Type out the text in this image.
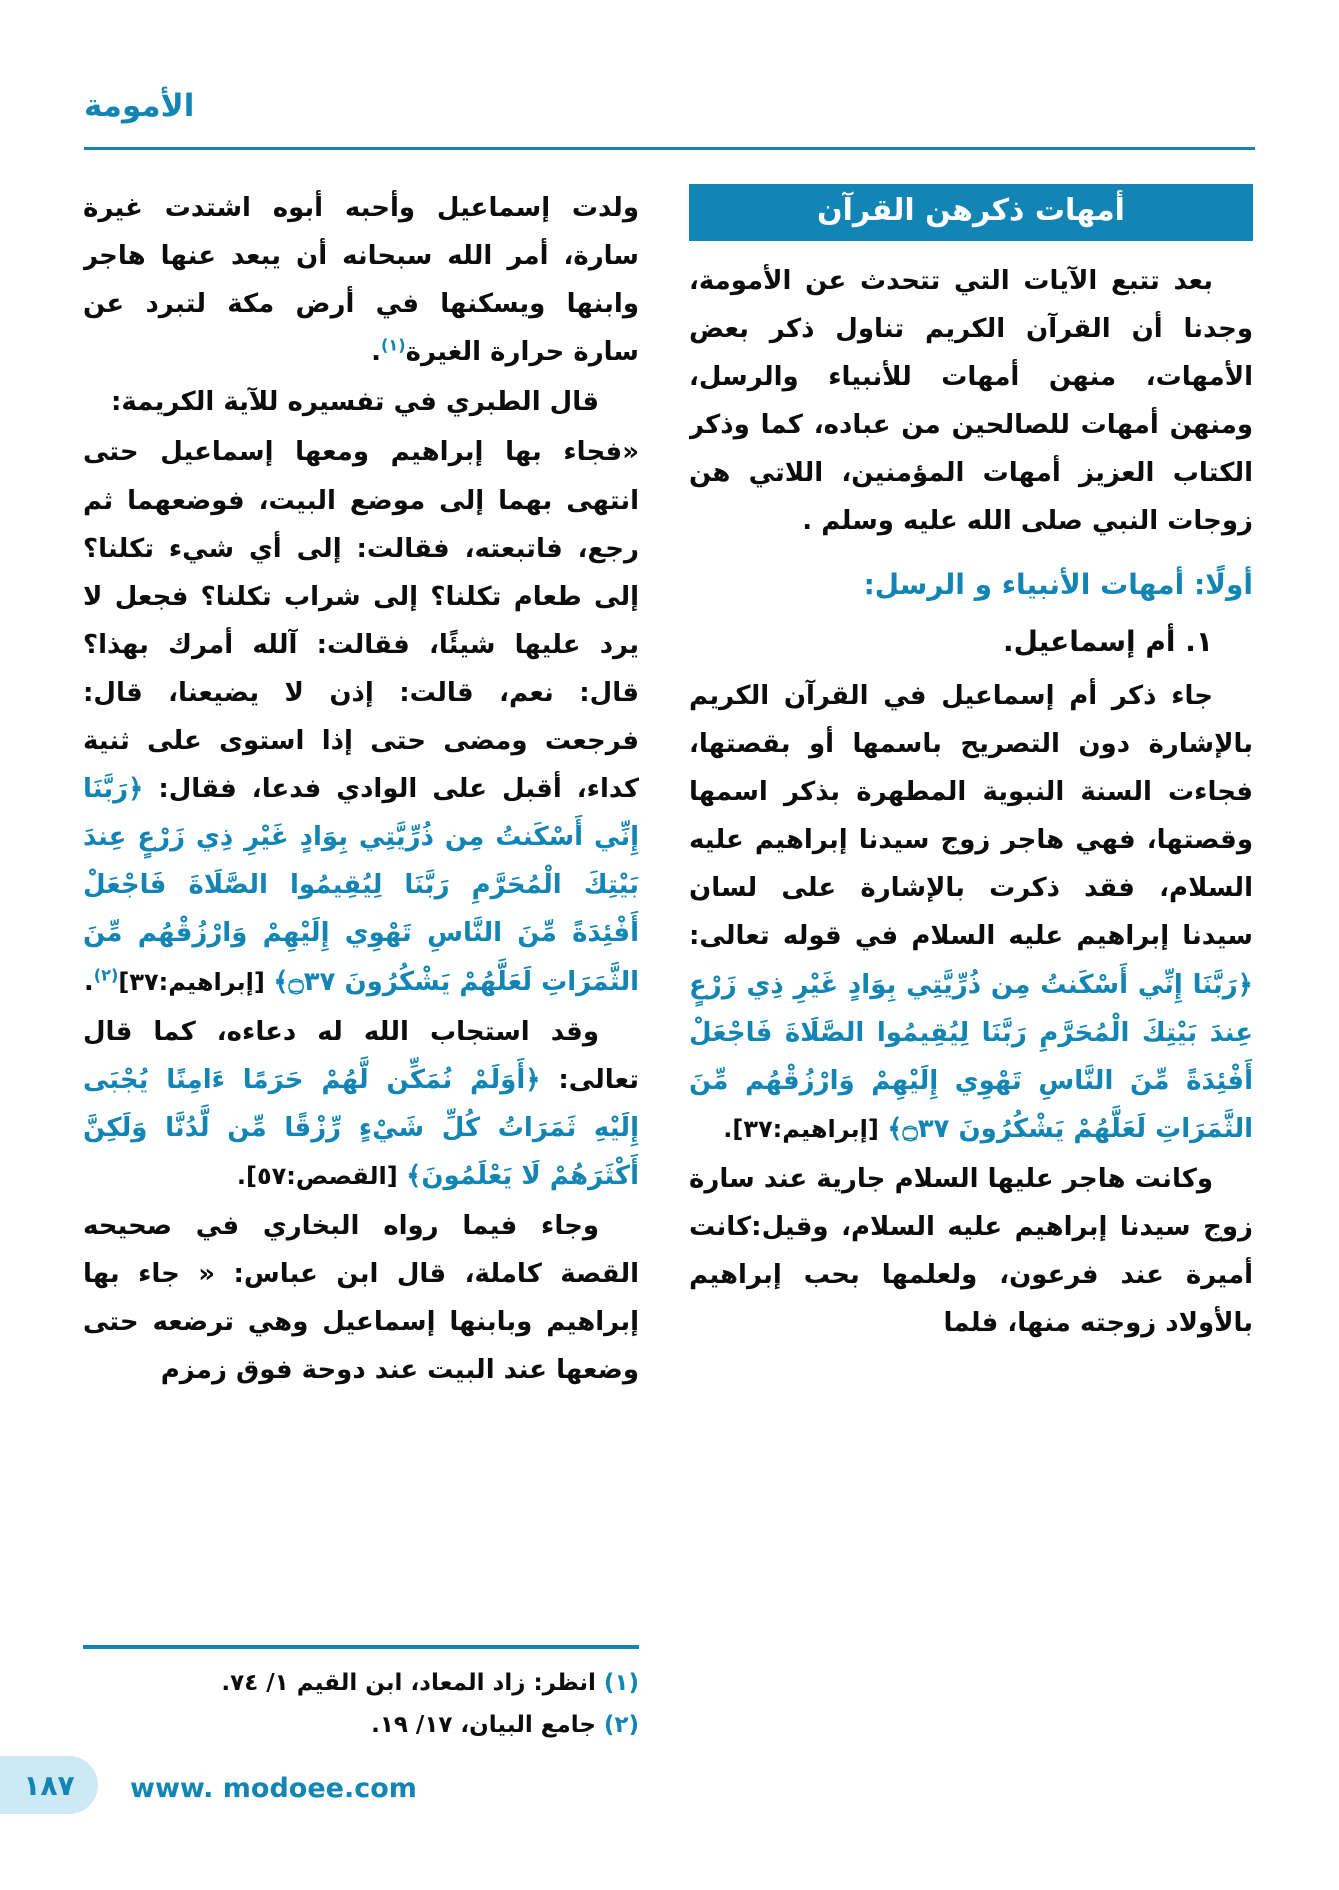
الأمومة
أمهات ذكرهن القرآن

بعد تتبع الآيات التي تتحدث عن الأمومة، وجدنا أن القرآن الكريم تناول ذكر بعض الأمهات، منهن أمهات للأنبياء والرسل، ومنهن أمهات للصالحين من عباده، كما وذكر الكتاب العزيز أمهات المؤمنين، اللاتي هن زوجات النبي صلى الله عليه وسلم .

أولًا: أمهات الأنبياء و الرسل:

١. أم إسماعيل.

جاء ذكر أم إسماعيل في القرآن الكريم بالإشارة دون التصريح باسمها أو بقصتها، فجاءت السنة النبوية المطهرة بذكر اسمها وقصتها، فهي هاجر زوج سيدنا إبراهيم عليه السلام، فقد ذكرت بالإشارة على لسان سيدنا إبراهيم عليه السلام في قوله تعالى: ﴿رَبَّنَا إِنِّي أَسْكَنتُ مِن ذُرِّيَّتِي بِوَادٍ غَيْرِ ذِي زَرْعٍ عِندَ بَيْتِكَ الْمُحَرَّمِ رَبَّنَا لِيُقِيمُوا الصَّلَاةَ فَاجْعَلْ أَفْئِدَةً مِّنَ النَّاسِ تَهْوِي إِلَيْهِمْ وَارْزُقْهُم مِّنَ الثَّمَرَاتِ لَعَلَّهُمْ يَشْكُرُونَ ۝٣٧﴾ [إبراهيم:٣٧].

وكانت هاجر عليها السلام جارية عند سارة زوج سيدنا إبراهيم عليه السلام، وقيل:كانت أميرة عند فرعون، ولعلمها بحب إبراهيم بالأولاد زوجته منها، فلما

ولدت إسماعيل وأحبه أبوه اشتدت غيرة سارة، أمر الله سبحانه أن يبعد عنها هاجر وابنها ويسكنها في أرض مكة لتبرد عن سارة حرارة الغيرة$^{(١)}$.

قال الطبري في تفسيره للآية الكريمة:

«فجاء بها إبراهيم ومعها إسماعيل حتى انتهى بهما إلى موضع البيت، فوضعهما ثم رجع، فاتبعته، فقالت: إلى أي شيء تكلنا؟ إلى طعام تكلنا؟ إلى شراب تكلنا؟ فجعل لا يرد عليها شيئًا، فقالت: آلله أمرك بهذا؟ قال: نعم، قالت: إذن لا يضيعنا، قال: فرجعت ومضى حتى إذا استوى على ثنية كداء، أقبل على الوادي فدعا، فقال: ﴿رَبَّنَا إِنِّي أَسْكَنتُ مِن ذُرِّيَّتِي بِوَادٍ غَيْرِ ذِي زَرْعٍ عِندَ بَيْتِكَ الْمُحَرَّمِ رَبَّنَا لِيُقِيمُوا الصَّلَاةَ فَاجْعَلْ أَفْئِدَةً مِّنَ النَّاسِ تَهْوِي إِلَيْهِمْ وَارْزُقْهُم مِّنَ الثَّمَرَاتِ لَعَلَّهُمْ يَشْكُرُونَ ۝٣٧﴾ [إبراهيم:٣٧]$^{(٢)}$.

وقد استجاب الله له دعاءه، كما قال تعالى: ﴿أَوَلَمْ نُمَكِّن لَّهُمْ حَرَمًا ءَامِنًا يُجْبَى إِلَيْهِ ثَمَرَاتُ كُلِّ شَيْءٍ رِّزْقًا مِّن لَّدُنَّا وَلَكِنَّ أَكْثَرَهُمْ لَا يَعْلَمُونَ﴾ [القصص:٥٧].

وجاء فيما رواه البخاري في صحيحه القصة كاملة، قال ابن عباس: « جاء بها إبراهيم وبابنها إسماعيل وهي ترضعه حتى وضعها عند البيت عند دوحة فوق زمزم

(١) انظر: زاد المعاد، ابن القيم ١/ ٧٤.

(٢) جامع البيان، ١٧/ ١٩.

١٨٧ www. modoee.com
